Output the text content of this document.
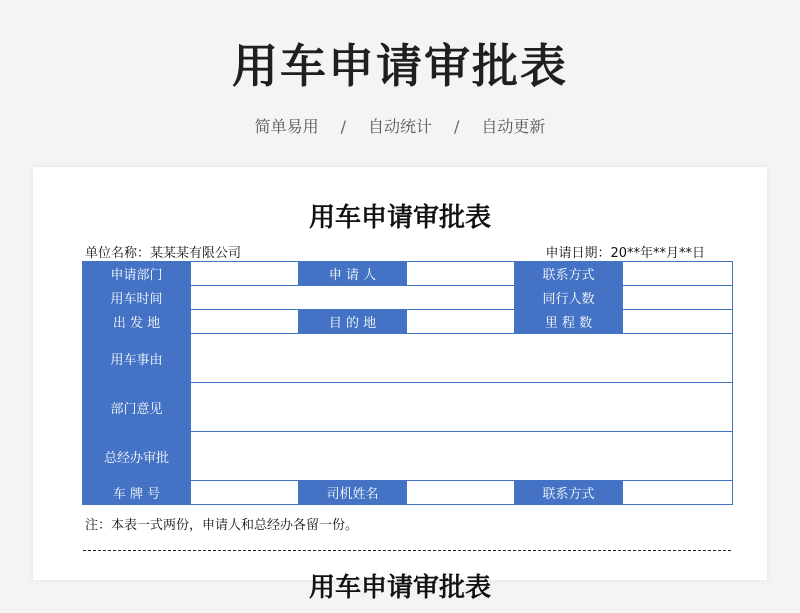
用车申请审批表
简单易用 / 自动统计 / 自动更新
用车申请审批表
单位名称：某某某有限公司	申请日期：20**年**月**日
申请部门		申 请 人		联系方式	
用车时间				同行人数	
出 发 地		目 的 地		里 程 数	
用车事由					
部门意见					
总经办审批					
车 牌 号		司机姓名		联系方式	
注：本表一式两份，申请人和总经办各留一份。
用车申请审批表
